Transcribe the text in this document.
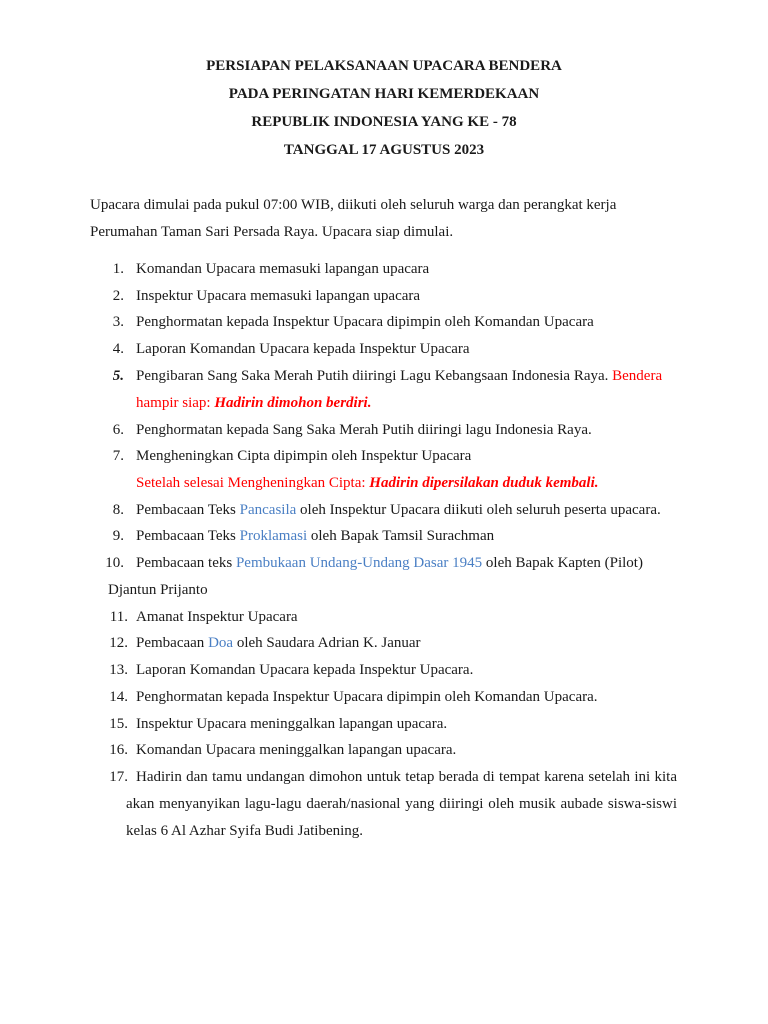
PERSIAPAN PELAKSANAAN UPACARA BENDERA
PADA PERINGATAN HARI KEMERDEKAAN
REPUBLIK INDONESIA YANG KE - 78
TANGGAL 17 AGUSTUS 2023
Upacara dimulai pada pukul 07:00 WIB, diikuti oleh seluruh warga dan perangkat kerja
Perumahan Taman Sari Persada Raya. Upacara siap dimulai.
1. Komandan Upacara memasuki lapangan upacara
2. Inspektur Upacara memasuki lapangan upacara
3. Penghormatan kepada Inspektur Upacara dipimpin oleh Komandan Upacara
4. Laporan Komandan Upacara kepada Inspektur Upacara
5. Pengibaran Sang Saka Merah Putih diiringi Lagu Kebangsaan Indonesia Raya. Bendera
hampir siap: Hadirin dimohon berdiri.
6. Penghormatan kepada Sang Saka Merah Putih diiringi lagu Indonesia Raya.
7. Mengheningkan Cipta dipimpin oleh Inspektur Upacara
Setelah selesai Mengheningkan Cipta: Hadirin dipersilakan duduk kembali.
8. Pembacaan Teks Pancasila oleh Inspektur Upacara diikuti oleh seluruh peserta upacara.
9. Pembacaan Teks Proklamasi oleh Bapak Tamsil Surachman
10. Pembacaan teks Pembukaan Undang-Undang Dasar 1945 oleh Bapak Kapten (Pilot)
Djantun Prijanto
11. Amanat Inspektur Upacara
12. Pembacaan Doa oleh Saudara Adrian K. Januar
13. Laporan Komandan Upacara kepada Inspektur Upacara.
14. Penghormatan kepada Inspektur Upacara dipimpin oleh Komandan Upacara.
15. Inspektur Upacara meninggalkan lapangan upacara.
16. Komandan Upacara meninggalkan lapangan upacara.
17. Hadirin dan tamu undangan dimohon untuk tetap berada di tempat karena setelah ini kita
akan menyanyikan lagu-lagu daerah/nasional yang diiringi oleh musik aubade siswa-siswi
kelas 6 Al Azhar Syifa Budi Jatibening.
